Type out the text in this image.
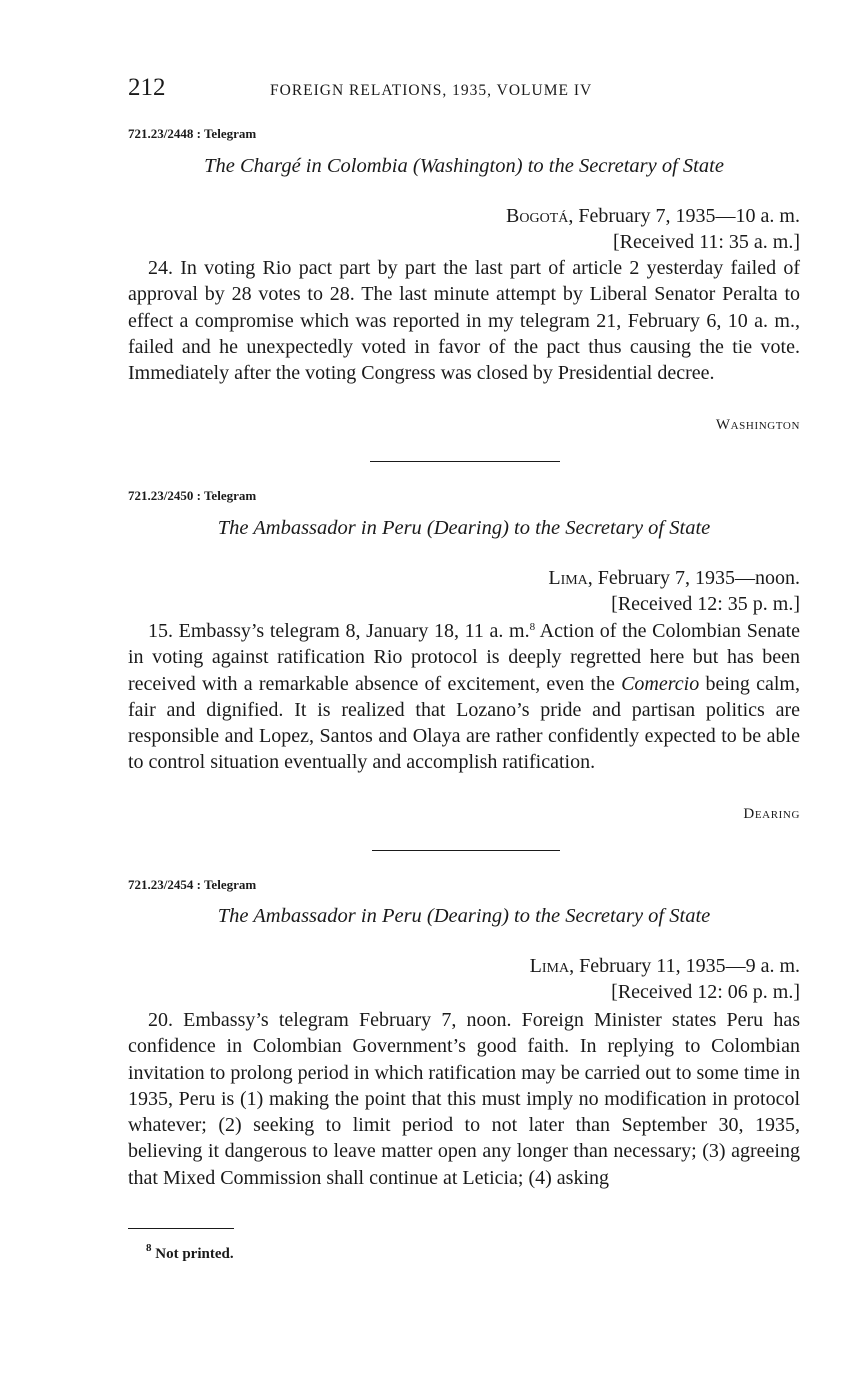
212	FOREIGN RELATIONS, 1935, VOLUME IV
721.23/2448 : Telegram
The Chargé in Colombia (Washington) to the Secretary of State
Bogotá, February 7, 1935—10 a. m.
[Received 11: 35 a. m.]
24. In voting Rio pact part by part the last part of article 2 yesterday failed of approval by 28 votes to 28. The last minute attempt by Liberal Senator Peralta to effect a compromise which was reported in my telegram 21, February 6, 10 a. m., failed and he unexpectedly voted in favor of the pact thus causing the tie vote. Immediately after the voting Congress was closed by Presidential decree.
Washington
721.23/2450 : Telegram
The Ambassador in Peru (Dearing) to the Secretary of State
Lima, February 7, 1935—noon.
[Received 12: 35 p. m.]
15. Embassy’s telegram 8, January 18, 11 a. m.$^8$ Action of the Colombian Senate in voting against ratification Rio protocol is deeply regretted here but has been received with a remarkable absence of excitement, even the Comercio being calm, fair and dignified. It is realized that Lozano’s pride and partisan politics are responsible and Lopez, Santos and Olaya are rather confidently expected to be able to control situation eventually and accomplish ratification.
Dearing
721.23/2454 : Telegram
The Ambassador in Peru (Dearing) to the Secretary of State
Lima, February 11, 1935—9 a. m.
[Received 12: 06 p. m.]
20. Embassy’s telegram February 7, noon. Foreign Minister states Peru has confidence in Colombian Government’s good faith. In replying to Colombian invitation to prolong period in which ratification may be carried out to some time in 1935, Peru is (1) making the point that this must imply no modification in protocol whatever; (2) seeking to limit period to not later than September 30, 1935, believing it dangerous to leave matter open any longer than necessary; (3) agreeing that Mixed Commission shall continue at Leticia; (4) asking
$^8$ Not printed.
